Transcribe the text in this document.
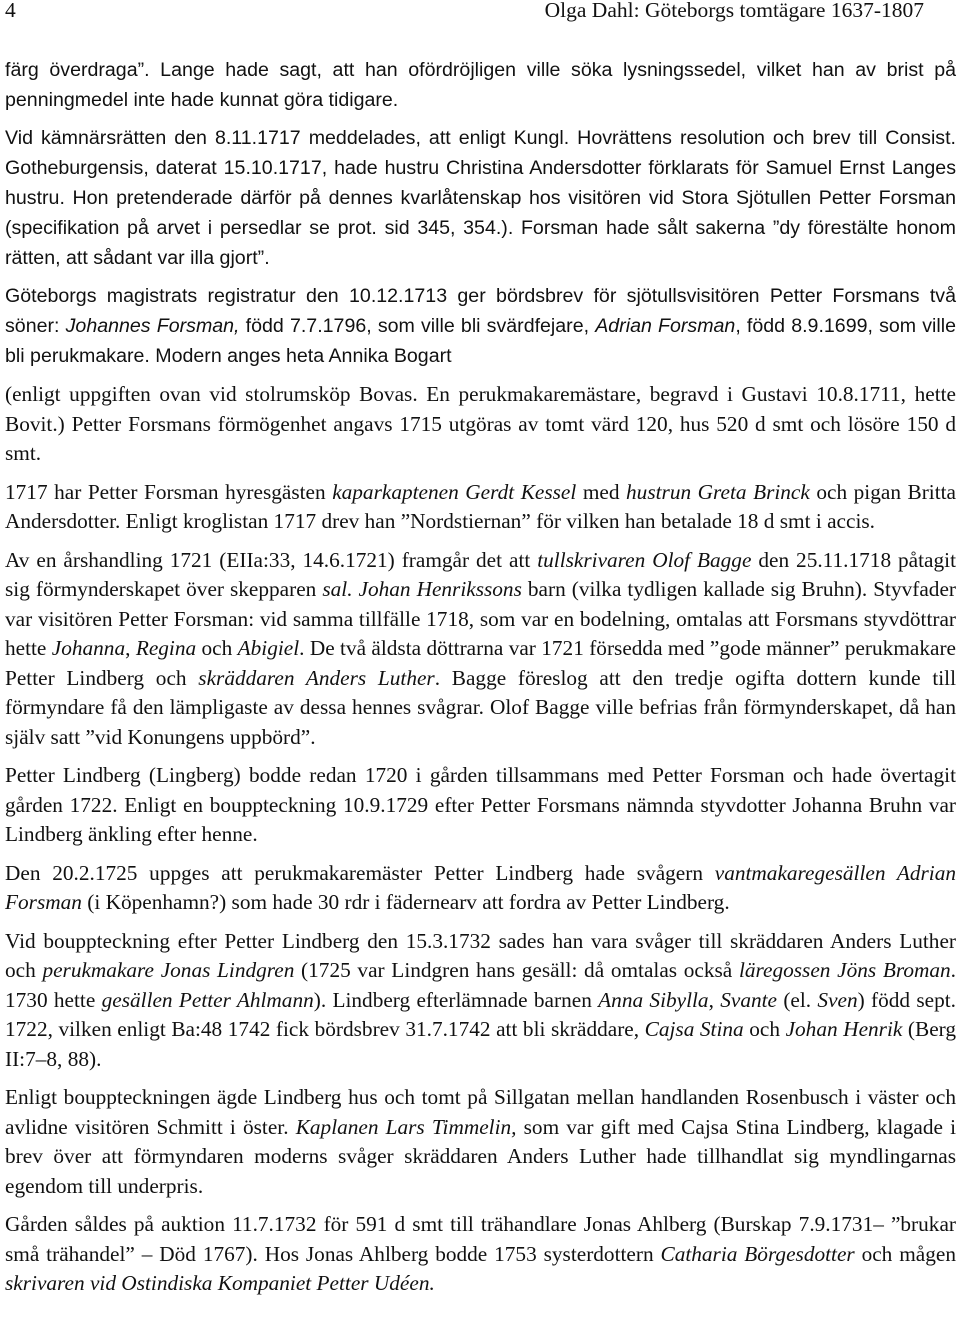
4	Olga Dahl: Göteborgs tomtägare 1637-1807

färg överdraga”. Lange hade sagt, att han ofördröjligen ville söka lysningssedel, vilket han av brist på penningmedel inte hade kunnat göra tidigare.

Vid kämnärsrätten den 8.11.1717 meddelades, att enligt Kungl. Hovrättens resolution och brev till Consist. Gotheburgensis, daterat 15.10.1717, hade hustru Christina Andersdotter förklarats för Samuel Ernst Langes hustru. Hon pretenderade därför på dennes kvarlåtenskap hos visitören vid Stora Sjötullen Petter Forsman (specifikation på arvet i persedlar se prot. sid 345, 354.). Forsman hade sålt sakerna ”dy förestälte honom rätten, att sådant var illa gjort”.

Göteborgs magistrats registratur den 10.12.1713 ger bördsbrev för sjötullsvisitören Petter Forsmans två söner: Johannes Forsman, född 7.7.1796, som ville bli svärdfejare, Adrian Forsman, född 8.9.1699, som ville bli perukmakare. Modern anges heta Annika Bogart

(enligt uppgiften ovan vid stolrumsköp Bovas. En perukmakaremästare, begravd i Gustavi 10.8.1711, hette Bovit.) Petter Forsmans förmögenhet angavs 1715 utgöras av tomt värd 120, hus 520 d smt och lösöre 150 d smt.

1717 har Petter Forsman hyresgästen kaparkaptenen Gerdt Kessel med hustrun Greta Brinck och pigan Britta Andersdotter. Enligt kroglistan 1717 drev han ”Nordstiernan” för vilken han betalade 18 d smt i accis.

Av en årshandling 1721 (EIIa:33, 14.6.1721) framgår det att tullskrivaren Olof Bagge den 25.11.1718 påtagit sig förmynderskapet över skepparen sal. Johan Henrikssons barn (vilka tydligen kallade sig Bruhn). Styvfader var visitören Petter Forsman: vid samma tillfälle 1718, som var en bodelning, omtalas att Forsmans styvdöttrar hette Johanna, Regina och Abigiel. De två äldsta döttrarna var 1721 försedda med ”gode männer” perukmakare Petter Lindberg och skräddaren Anders Luther. Bagge föreslog att den tredje ogifta dottern kunde till förmyndare få den lämpligaste av dessa hennes svågrar. Olof Bagge ville befrias från förmynderskapet, då han själv satt ”vid Konungens uppbörd”.

Petter Lindberg (Lingberg) bodde redan 1720 i gården tillsammans med Petter Forsman och hade övertagit gården 1722. Enligt en bouppteckning 10.9.1729 efter Petter Forsmans nämnda styvdotter Johanna Bruhn var Lindberg änkling efter henne.

Den 20.2.1725 uppges att perukmakaremäster Petter Lindberg hade svågern vantmakaregesällen Adrian Forsman (i Köpenhamn?) som hade 30 rdr i fädernearv att fordra av Petter Lindberg.

Vid bouppteckning efter Petter Lindberg den 15.3.1732 sades han vara svåger till skräddaren Anders Luther och perukmakare Jonas Lindgren (1725 var Lindgren hans gesäll: då omtalas också läregossen Jöns Broman. 1730 hette gesällen Petter Ahlmann). Lindberg efterlämnade barnen Anna Sibylla, Svante (el. Sven) född sept. 1722, vilken enligt Ba:48 1742 fick bördsbrev 31.7.1742 att bli skräddare, Cajsa Stina och Johan Henrik (Berg II:7–8, 88).

Enligt bouppteckningen ägde Lindberg hus och tomt på Sillgatan mellan handlanden Rosenbusch i väster och avlidne visitören Schmitt i öster. Kaplanen Lars Timmelin, som var gift med Cajsa Stina Lindberg, klagade i brev över att förmyndaren moderns svåger skräddaren Anders Luther hade tillhandlat sig myndlingarnas egendom till underpris.

Gården såldes på auktion 11.7.1732 för 591 d smt till trähandlare Jonas Ahlberg (Burskap 7.9.1731– ”brukar små trähandel” – Död 1767). Hos Jonas Ahlberg bodde 1753 systerdottern Catharia Börgesdotter och mågen skrivaren vid Ostindiska Kompaniet Petter Udéen.
